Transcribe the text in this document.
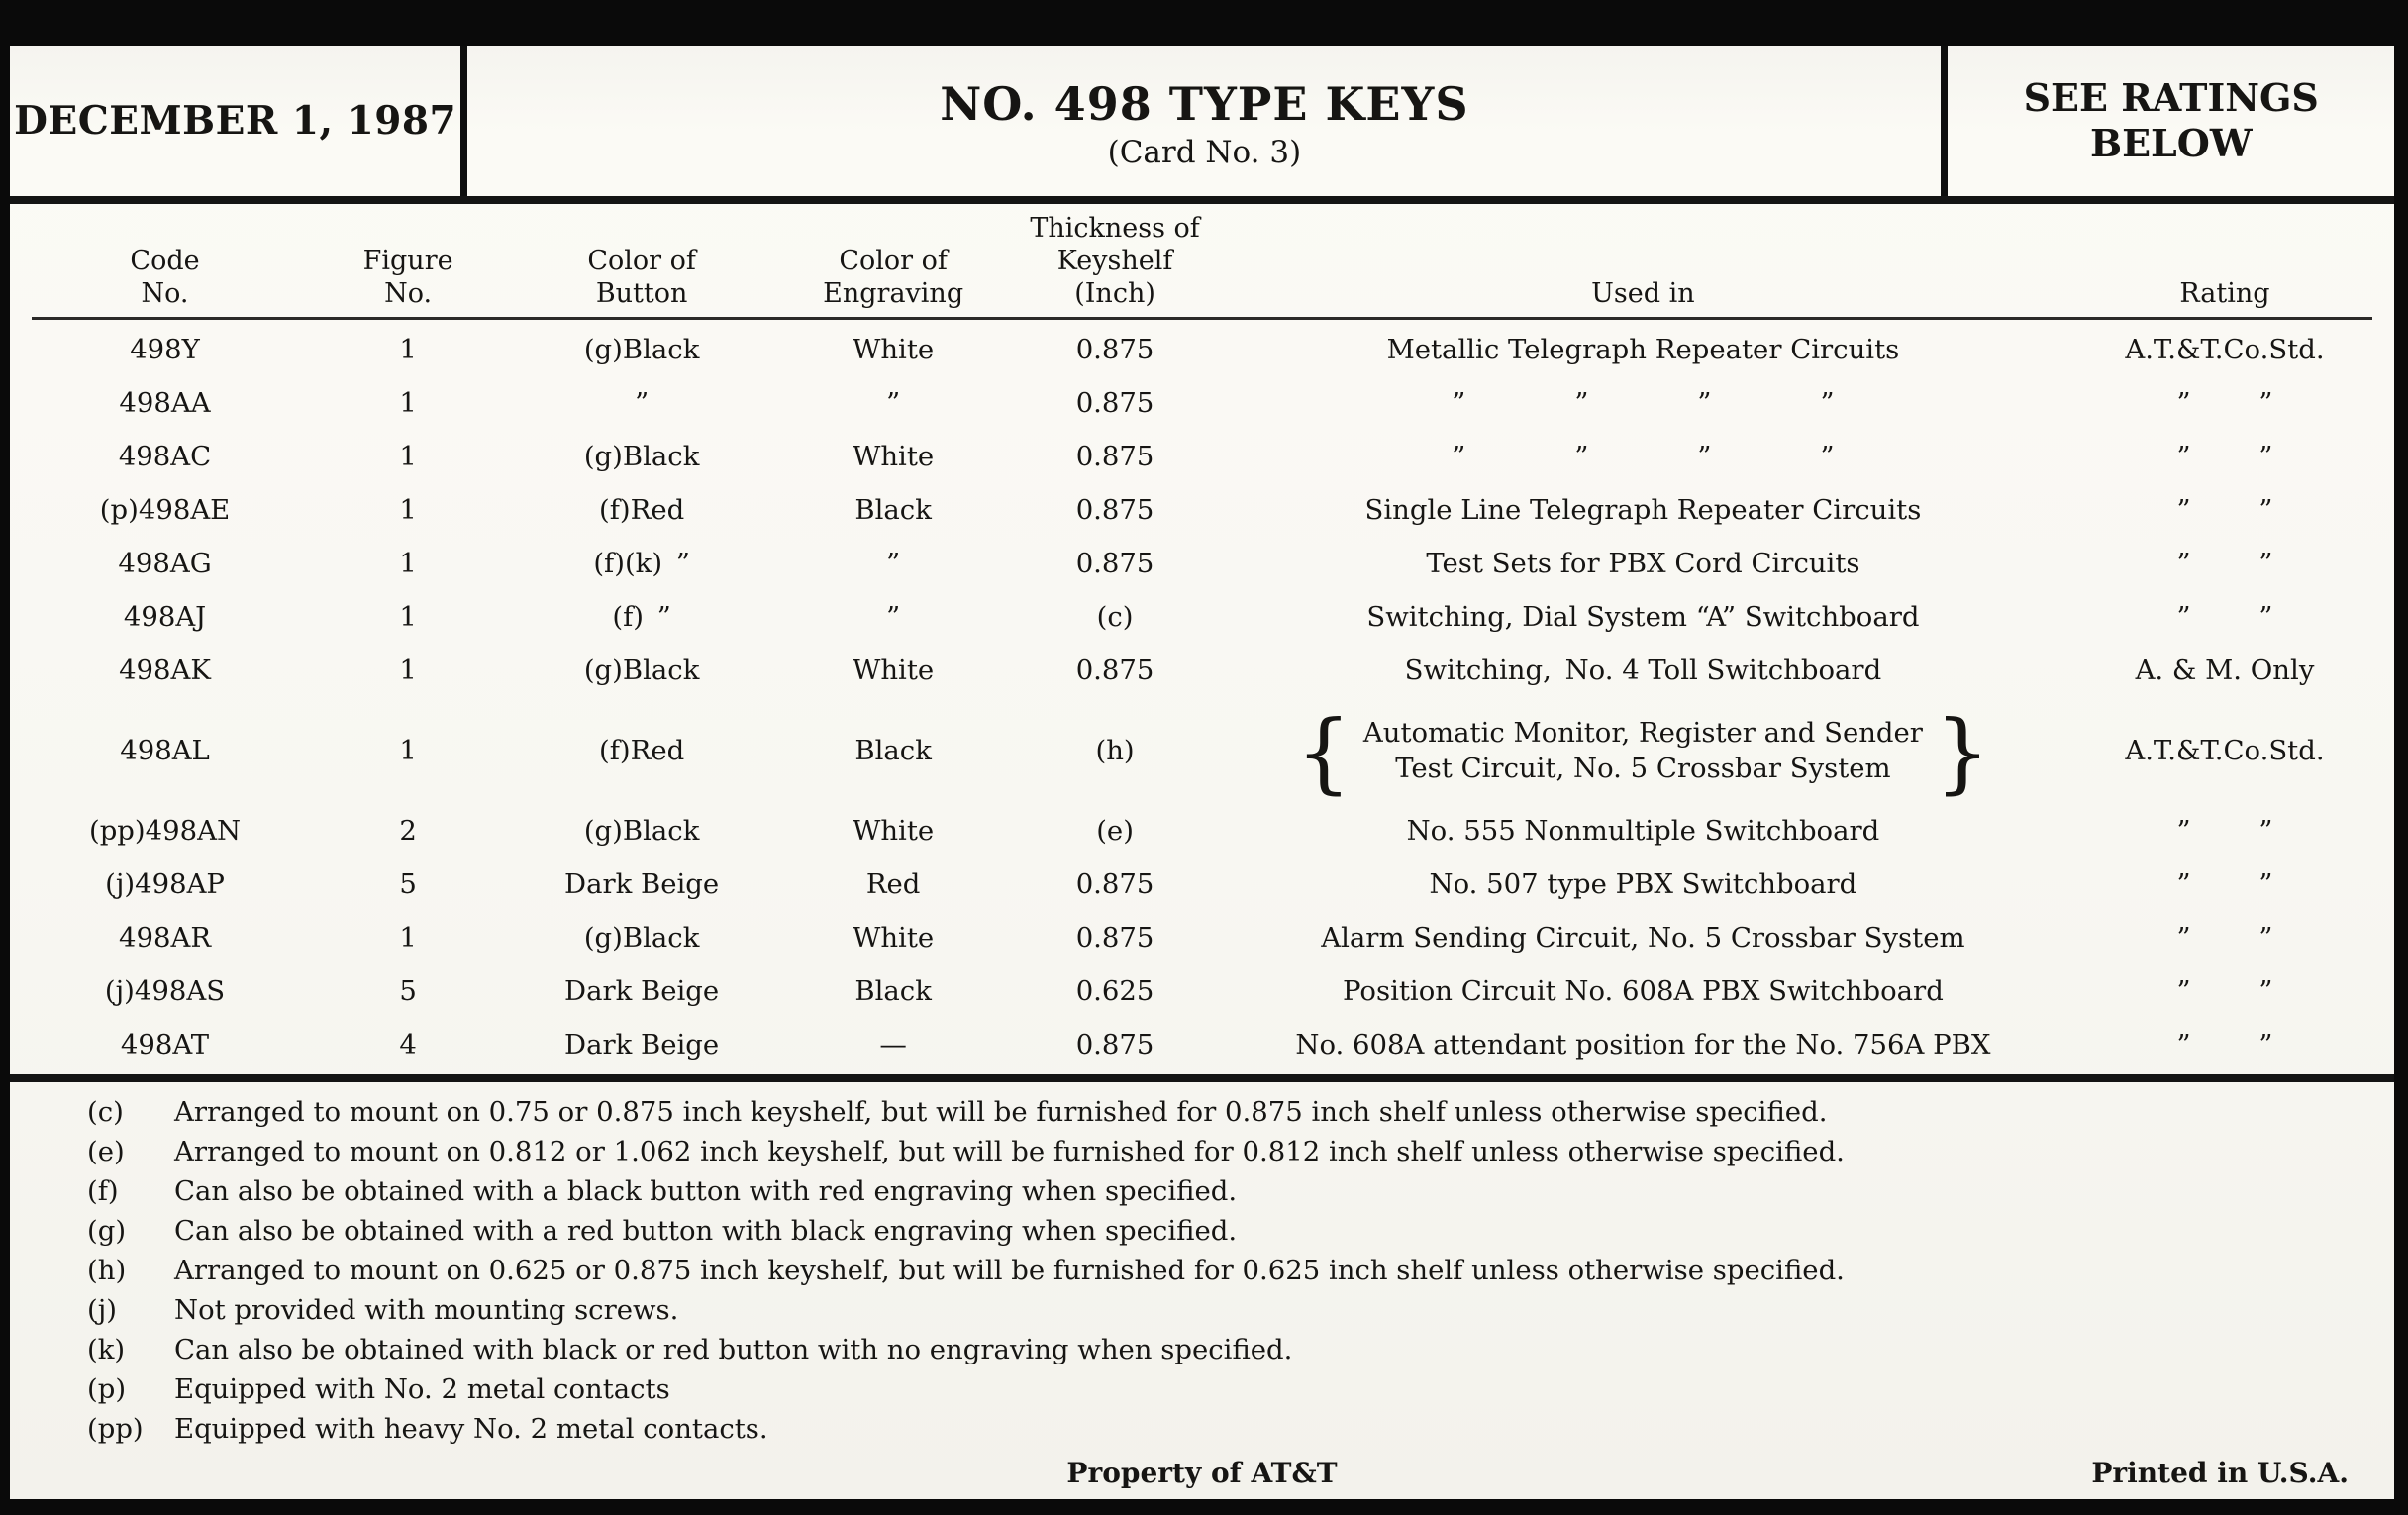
DECEMBER 1, 1987	NO. 498 TYPE KEYS
(Card No. 3)
SEE RATINGS
BELOW
Code
No.
Figure
No.
Color of
Button
Color of
Engraving
Thickness of
Keyshelf
(Inch)	Used in	Rating
498Y	1	(g)Black	White	0.875	Metallic Telegraph Repeater Circuits	A.T.&T.Co.Std.
498AA	1	”	”	0.875	”    ”    ”    ”	”   ”
498AC	1	(g)Black	White	0.875	”    ”    ”    ”	”   ”
(p)498AE	1	(f)Red	Black	0.875	Single Line Telegraph Repeater Circuits	”   ”
498AG	1	(f)(k) ”	”	0.875	Test Sets for PBX Cord Circuits	”   ”
498AJ	1	(f) ”	”	(c)	Switching, Dial System “A” Switchboard	”   ”
498AK	1	(g)Black	White	0.875	Switching, No. 4 Toll Switchboard	A. & M. Only
498AL	1	(f)Red	Black	(h)	{ Automatic Monitor, Register and Sender
Test Circuit, No. 5 Crossbar System }	A.T.&T.Co.Std.
(pp)498AN	2	(g)Black	White	(e)	No. 555 Nonmultiple Switchboard	”   ”
(j)498AP	5	Dark Beige	Red	0.875	No. 507 type PBX Switchboard	”   ”
498AR	1	(g)Black	White	0.875	Alarm Sending Circuit, No. 5 Crossbar System	”   ”
(j)498AS	5	Dark Beige	Black	0.625	Position Circuit No. 608A PBX Switchboard	”   ”
498AT	4	Dark Beige	—	0.875	No. 608A attendant position for the No. 756A PBX	”   ”
(c)	Arranged to mount on 0.75 or 0.875 inch keyshelf, but will be furnished for 0.875 inch shelf unless otherwise specified.
(e)	Arranged to mount on 0.812 or 1.062 inch keyshelf, but will be furnished for 0.812 inch shelf unless otherwise specified.
(f)	Can also be obtained with a black button with red engraving when specified.
(g)	Can also be obtained with a red button with black engraving when specified.
(h)	Arranged to mount on 0.625 or 0.875 inch keyshelf, but will be furnished for 0.625 inch shelf unless otherwise specified.
(j)	Not provided with mounting screws.
(k)	Can also be obtained with black or red button with no engraving when specified.
(p)	Equipped with No. 2 metal contacts
(pp)	Equipped with heavy No. 2 metal contacts.
Property of AT&T	Printed in U.S.A.
